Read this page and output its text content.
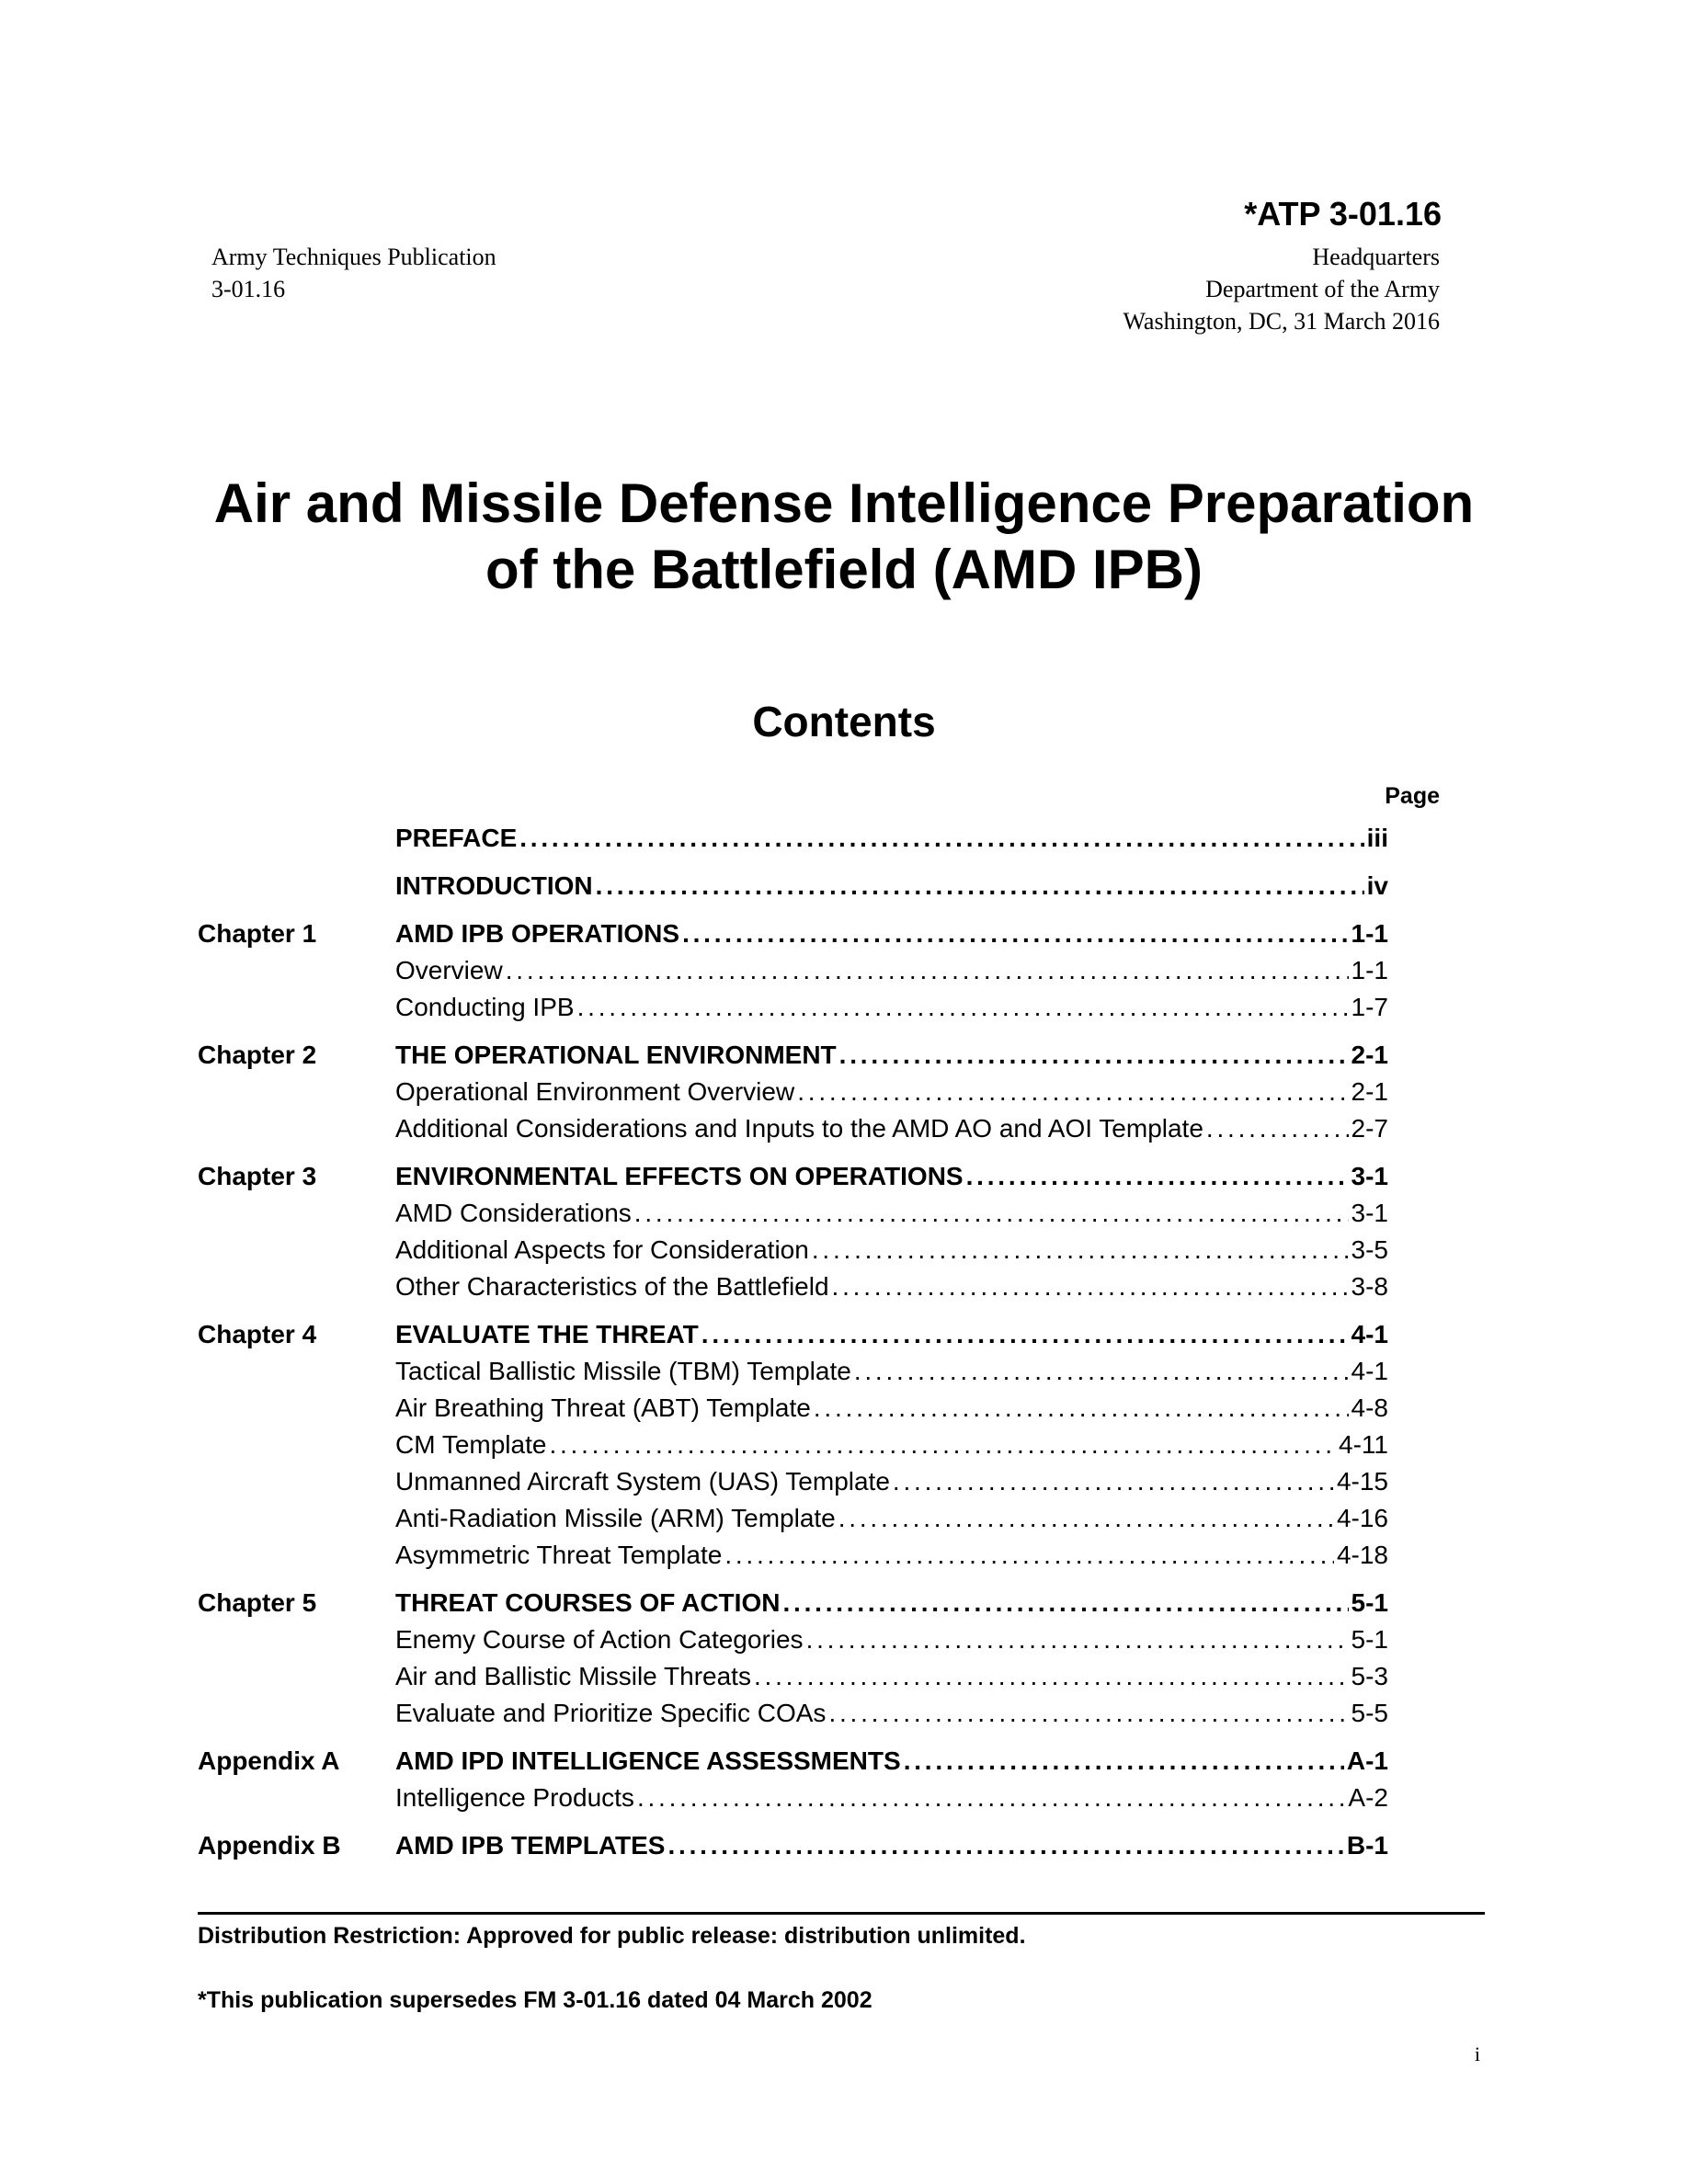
*ATP 3-01.16
Army Techniques Publication
3-01.16
Headquarters
Department of the Army
Washington, DC, 31 March 2016
Air and Missile Defense Intelligence Preparation
of the Battlefield (AMD IPB)
Contents
Page
PREFACE . . .	iii
INTRODUCTION . . .	iv
Chapter 1	AMD IPB OPERATIONS . . .	1-1
Overview . . .	1-1
Conducting IPB . . .	1-7
Chapter 2	THE OPERATIONAL ENVIRONMENT . . .	2-1
Operational Environment Overview . . .	2-1
Additional Considerations and Inputs to the AMD AO and AOI Template . . .	2-7
Chapter 3	ENVIRONMENTAL EFFECTS ON OPERATIONS . . .	3-1
AMD Considerations . . .	3-1
Additional Aspects for Consideration . . .	3-5
Other Characteristics of the Battlefield . . .	3-8
Chapter 4	EVALUATE THE THREAT . . .	4-1
Tactical Ballistic Missile (TBM) Template . . .	4-1
Air Breathing Threat (ABT) Template . . .	4-8
CM Template . . .	4-11
Unmanned Aircraft System (UAS) Template . . .	4-15
Anti-Radiation Missile (ARM) Template . . .	4-16
Asymmetric Threat Template . . .	4-18
Chapter 5	THREAT COURSES OF ACTION . . .	5-1
Enemy Course of Action Categories . . .	5-1
Air and Ballistic Missile Threats . . .	5-3
Evaluate and Prioritize Specific COAs . . .	5-5
Appendix A AMD IPD INTELLIGENCE ASSESSMENTS . . .	A-1
Intelligence Products . . .	A-2
Appendix B AMD IPB TEMPLATES . . .	B-1
Distribution Restriction: Approved for public release: distribution unlimited.
*This publication supersedes FM 3-01.16 dated 04 March 2002
i
